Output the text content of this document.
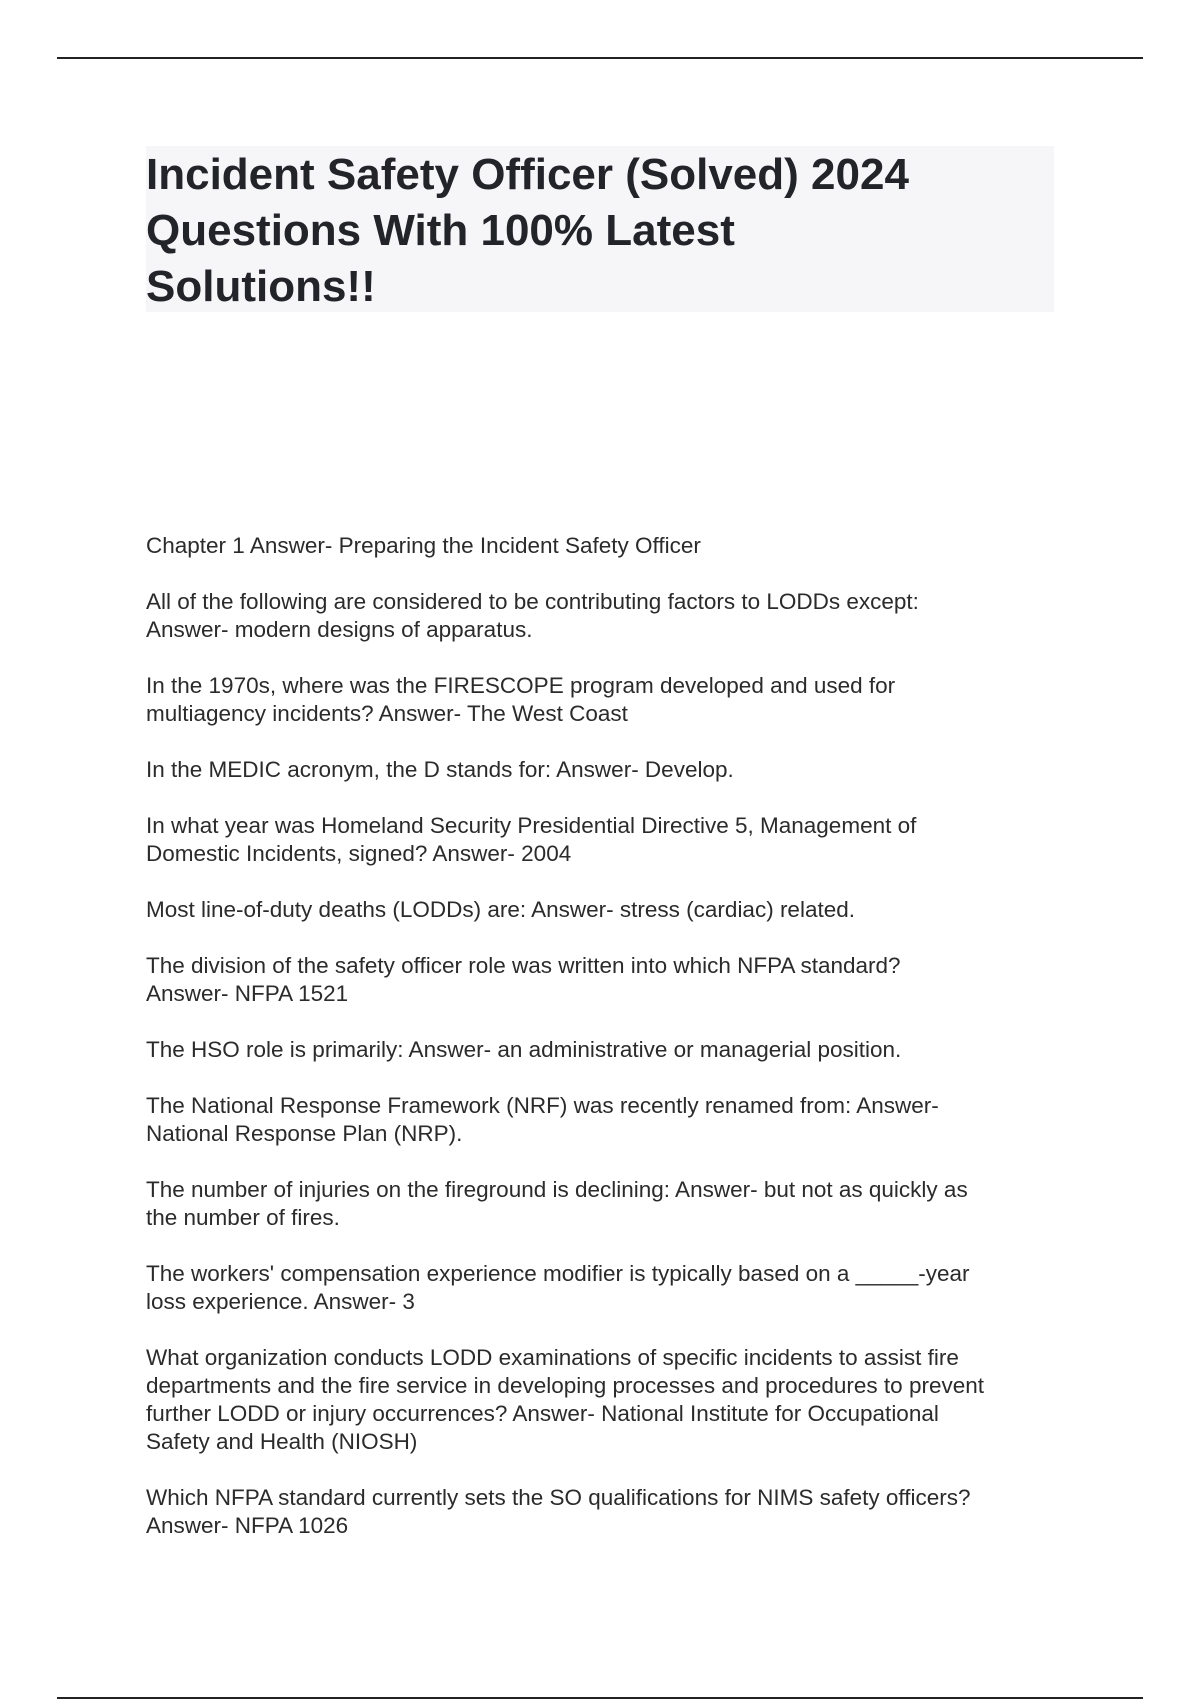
Incident Safety Officer (Solved) 2024
Questions With 100% Latest
Solutions!!
Chapter 1 Answer- Preparing the Incident Safety Officer
All of the following are considered to be contributing factors to LODDs except:
Answer- modern designs of apparatus.
In the 1970s, where was the FIRESCOPE program developed and used for
multiagency incidents? Answer- The West Coast
In the MEDIC acronym, the D stands for: Answer- Develop.
In what year was Homeland Security Presidential Directive 5, Management of
Domestic Incidents, signed? Answer- 2004
Most line-of-duty deaths (LODDs) are: Answer- stress (cardiac) related.
The division of the safety officer role was written into which NFPA standard?
Answer- NFPA 1521
The HSO role is primarily: Answer- an administrative or managerial position.
The National Response Framework (NRF) was recently renamed from: Answer-
National Response Plan (NRP).
The number of injuries on the fireground is declining: Answer- but not as quickly as
the number of fires.
The workers' compensation experience modifier is typically based on a _____-year
loss experience. Answer- 3
What organization conducts LODD examinations of specific incidents to assist fire
departments and the fire service in developing processes and procedures to prevent
further LODD or injury occurrences? Answer- National Institute for Occupational
Safety and Health (NIOSH)
Which NFPA standard currently sets the SO qualifications for NIMS safety officers?
Answer- NFPA 1026
